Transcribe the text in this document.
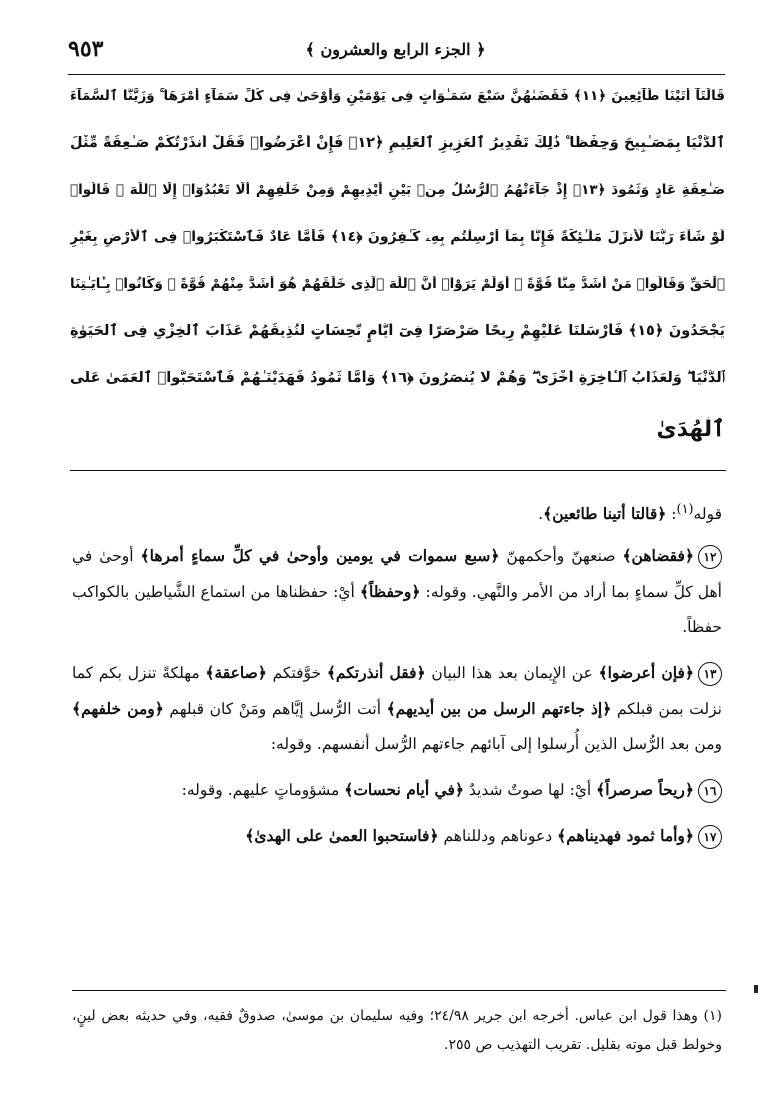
٩٥٣	﴿ الجزء الرابع والعشرون ﴾
قَالَتَآ أَتَيْنَا طَآئِعِينَ ﴿١١﴾ فَقَضَىٰهُنَّ سَبْعَ سَمَـٰوَاتٍ فِى يَوْمَيْنِ وَأَوْحَىٰ فِى كُلِّ سَمَآءٍ أَمْرَهَا ۚ وَزَيَّنَّا ٱلسَّمَآءَ
ٱلدُّنْيَا بِمَصَـٰبِيحَ وَحِفْظًا ۚ ذَٰلِكَ تَقْدِيرُ ٱلْعَزِيزِ ٱلْعَلِيمِ ﴿١٢﴾ فَإِنْ أَعْرَضُوا۟ فَقُلْ أَنذَرْتُكُمْ صَـٰعِقَةً مِّثْلَ
صَـٰعِقَةِ عَادٍ وَثَمُودَ ﴿١٣﴾ إِذْ جَآءَتْهُمُ ٱلرُّسُلُ مِنۢ بَيْنِ أَيْدِيهِمْ وَمِنْ خَلْفِهِمْ أَلَّا تَعْبُدُوٓا۟ إِلَّا ٱللَّهَ ۖ قَالُوا۟
لَوْ شَآءَ رَبُّنَا لَأَنزَلَ مَلَـٰٓئِكَةً فَإِنَّا بِمَآ أُرْسِلْتُم بِهِۦ كَـٰفِرُونَ ﴿١٤﴾ فَأَمَّا عَادٌ فَٱسْتَكْبَرُوا۟ فِى ٱلْأَرْضِ بِغَيْرِ
ٱلْحَقِّ وَقَالُوا۟ مَنْ أَشَدُّ مِنَّا قُوَّةً ۖ أَوَلَمْ يَرَوْا۟ أَنَّ ٱللَّهَ ٱلَّذِى خَلَقَهُمْ هُوَ أَشَدُّ مِنْهُمْ قُوَّةً ۖ وَكَانُوا۟ بِـَٔايَـٰتِنَا
يَجْحَدُونَ ﴿١٥﴾ فَأَرْسَلْنَا عَلَيْهِمْ رِيحًا صَرْصَرًا فِىٓ أَيَّامٍ نَّحِسَاتٍ لِّنُذِيقَهُمْ عَذَابَ ٱلْخِزْىِ فِى ٱلْحَيَوٰةِ
ٱلدُّنْيَا ۖ وَلَعَذَابُ ٱلْـَٔاخِرَةِ أَخْزَىٰ ۖ وَهُمْ لَا يُنصَرُونَ ﴿١٦﴾ وَأَمَّا ثَمُودُ فَهَدَيْنَـٰهُمْ فَٱسْتَحَبُّوا۟ ٱلْعَمَىٰ عَلَى
ٱلْهُدَىٰ

قوله$^{(١)}$: ﴿قالتا أتينا طائعين﴾.

١٢﴿فقضاهن﴾ صنعهنّ وأحكمهنّ ﴿سبع سموات في يومين وأوحىٰ في كلِّ سماءٍ أمرها﴾ أوحىٰ في أهل كلِّ سماءٍ بما أراد من الأمر والنَّهي. وقوله: ﴿وحفظاً﴾ أيْ: حفظناها من استماع الشَّياطين بالكواكب حفظاً.

١٣﴿فإن أعرضوا﴾ عن الإِيمان بعد هذا البيان ﴿فقل أنذرتكم﴾ خوَّفتكم ﴿صاعقة﴾ مهلكةً تنزل بكم كما نزلت بمن قبلكم ﴿إذ جاءتهم الرسل من بين أيديهم﴾ أتت الرُّسل إيَّاهم ومَنْ كان قبلهم ﴿ومن خلفهم﴾ ومن بعد الرُّسل الذين أُرسلوا إلى آبائهم جاءتهم الرُّسل أنفسهم. وقوله:

١٦﴿ريحاً صرصراً﴾ أيْ: لها صوتٌ شديدٌ ﴿في أيام نحسات﴾ مشؤوماتٍ عليهم. وقوله:

١٧﴿وأما ثمود فهديناهم﴾ دعوناهم ودللناهم ﴿فاستحبوا العمىٰ على الهدىٰ﴾

(١) وهذا قول ابن عباس. أخرجه ابن جرير ٢٤/٩٨؛ وفيه سليمان بن موسىٰ، صدوقٌ فقيه، وفي حديثه بعض لينٍ، وخولط قبل موته بقليل. تقريب التهذيب ص ٢٥٥.
